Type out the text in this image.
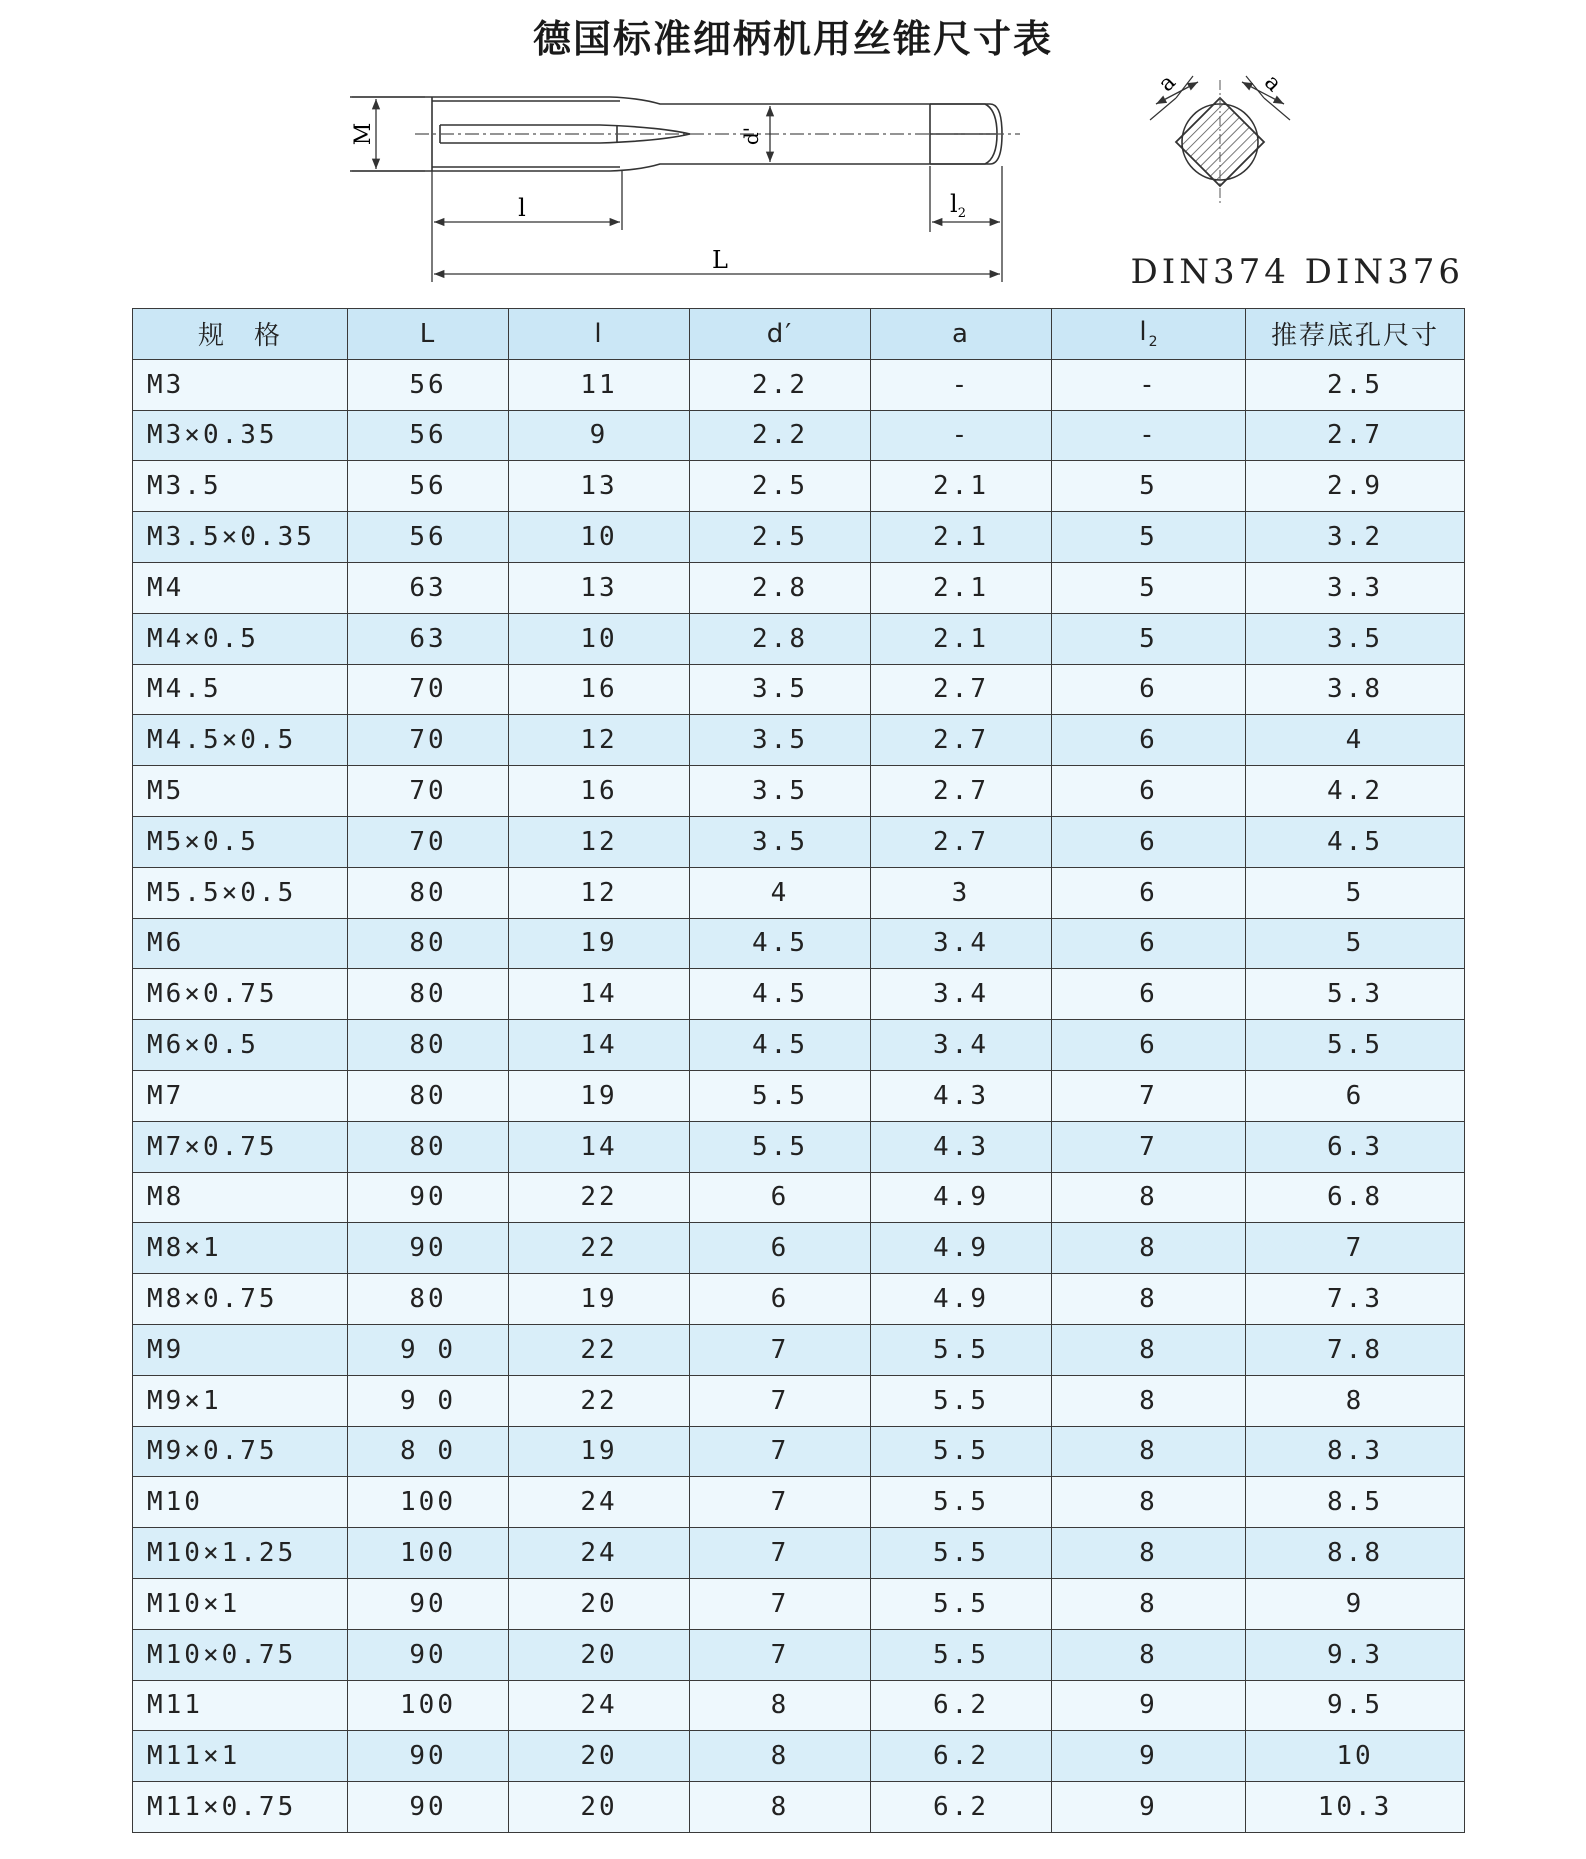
德国标准细柄机用丝锥尺寸表
M	d'
l	$l_2$
L
a	a
DIN374 DIN376
规　格	L	l	d′	a	$l_2$	推荐底孔尺寸
M3	56	11	2.2	-	-	2.5
M3×0.35	56	9	2.2	-	-	2.7
M3.5	56	13	2.5	2.1	5	2.9
M3.5×0.35	56	10	2.5	2.1	5	3.2
M4	63	13	2.8	2.1	5	3.3
M4×0.5	63	10	2.8	2.1	5	3.5
M4.5	70	16	3.5	2.7	6	3.8
M4.5×0.5	70	12	3.5	2.7	6	4
M5	70	16	3.5	2.7	6	4.2
M5×0.5	70	12	3.5	2.7	6	4.5
M5.5×0.5	80	12	4	3	6	5
M6	80	19	4.5	3.4	6	5
M6×0.75	80	14	4.5	3.4	6	5.3
M6×0.5	80	14	4.5	3.4	6	5.5
M7	80	19	5.5	4.3	7	6
M7×0.75	80	14	5.5	4.3	7	6.3
M8	90	22	6	4.9	8	6.8
M8×1	90	22	6	4.9	8	7
M8×0.75	80	19	6	4.9	8	7.3
M9	9 0	22	7	5.5	8	7.8
M9×1	9 0	22	7	5.5	8	8
M9×0.75	8 0	19	7	5.5	8	8.3
M10	100	24	7	5.5	8	8.5
M10×1.25	100	24	7	5.5	8	8.8
M10×1	90	20	7	5.5	8	9
M10×0.75	90	20	7	5.5	8	9.3
M11	100	24	8	6.2	9	9.5
M11×1	90	20	8	6.2	9	10
M11×0.75	90	20	8	6.2	9	10.3
